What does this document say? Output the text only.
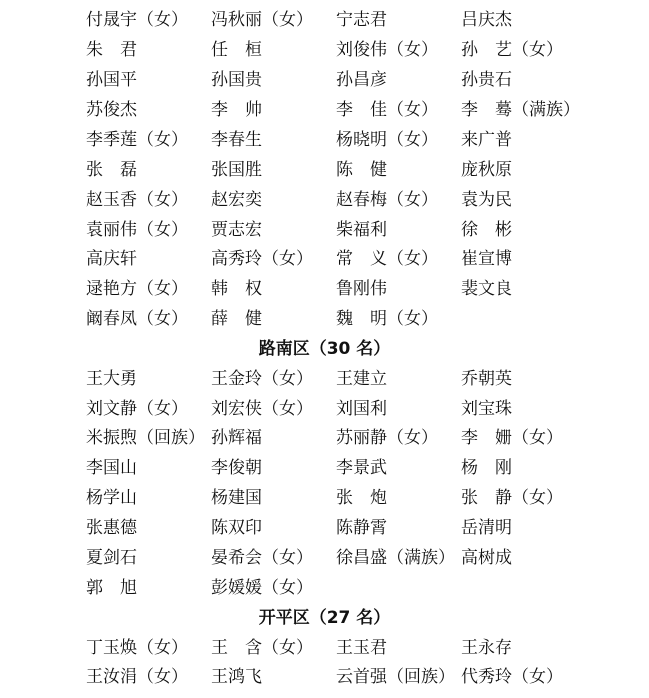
付晟宇（女） 冯秋丽（女） 宁志君	吕庆杰
朱　君	任　桓	刘俊伟（女） 孙　艺（女）
孙国平	孙国贵	孙昌彦	孙贵石
苏俊杰	李　帅	李　佳（女） 李　蓦（满族）
李季莲（女） 李春生	杨晓明（女） 来广普
张　磊	张国胜	陈　健	庞秋原
赵玉香（女） 赵宏奕	赵春梅（女） 袁为民
袁丽伟（女） 贾志宏	柴福利	徐　彬
高庆轩	高秀玲（女） 常　义（女） 崔宣博
逯艳方（女） 韩　权	鲁刚伟	裴文良
阚春凤（女） 薛　健	魏　明（女）
路南区（30 名）
王大勇	王金玲（女） 王建立	乔朝英
刘文静（女） 刘宏侠（女） 刘国利	刘宝珠
米振煦（回族） 孙辉福	苏丽静（女） 李　姗（女）
李国山	李俊朝	李景武	杨　刚
杨学山	杨建国	张　炮	张　静（女）
张惠德	陈双印	陈静霄	岳清明
夏剑石	晏希会（女） 徐昌盛（满族） 高树成
郭　旭	彭媛媛（女）
开平区（27 名）
丁玉焕（女） 王　含（女） 王玉君	王永存
王汝涓（女） 王鸿飞	云首强（回族） 代秀玲（女）
